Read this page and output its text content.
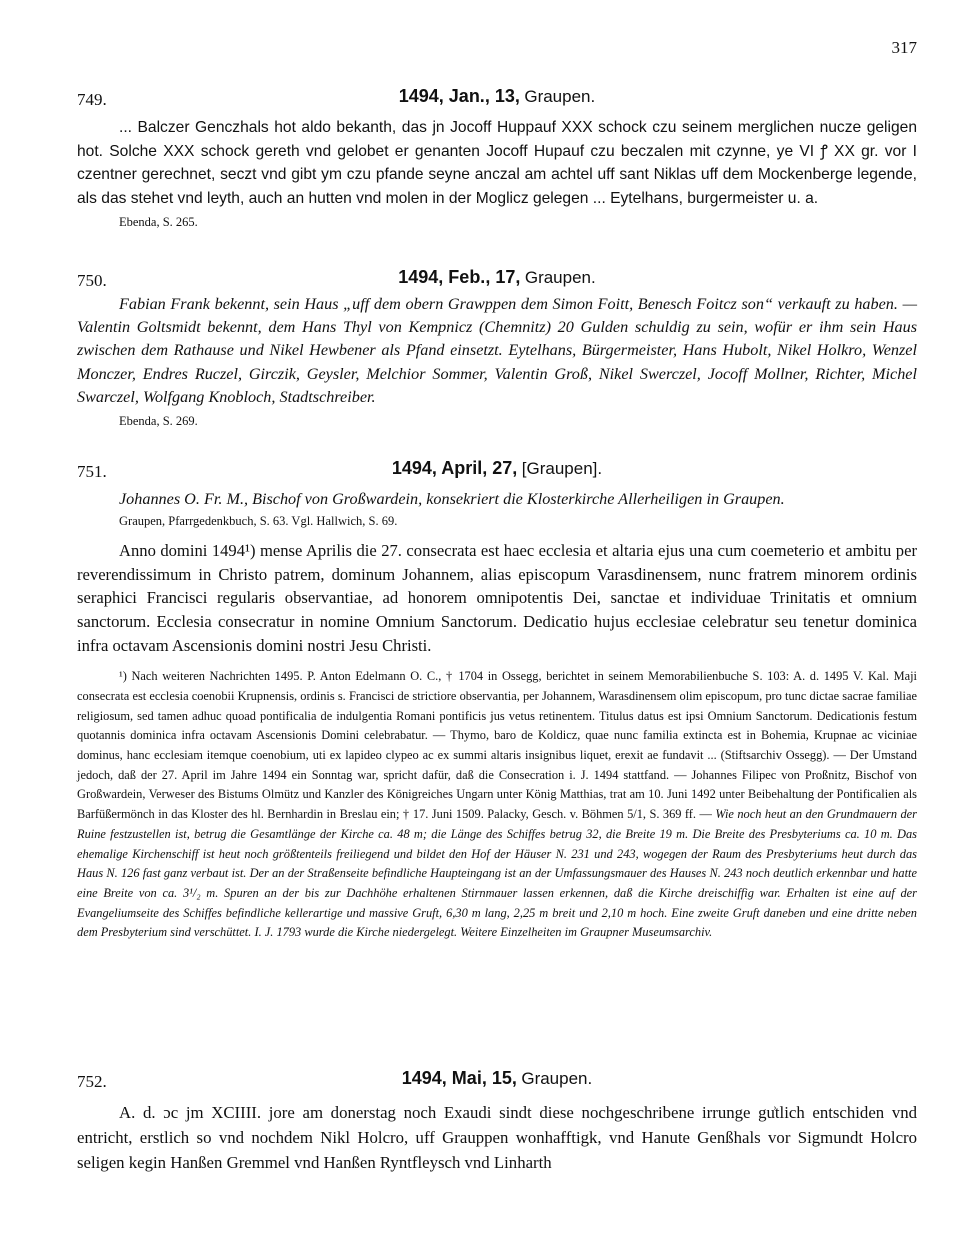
317
749.	1494, Jan., 13, Graupen.

... Balczer Genczhals hot aldo bekanth, das jn Jocoff Huppauf XXX schock czu seinem merglichen nucze geligen hot. Solche XXX schock gereth vnd gelobet er genanten Jocoff Hupauf czu beczalen mit czynne, ye VI ꝭ XX gr. vor I czentner gerechnet, seczt vnd gibt ym czu pfande seyne anczal am achtel uff sant Niklas uff dem Mockenberge legende, als das stehet vnd leyth, auch an hutten vnd molen in der Moglicz gelegen ... Eytelhans, burgermeister u. a.

Ebenda, S. 265.
750.	1494, Feb., 17, Graupen.

Fabian Frank bekennt, sein Haus „uff dem obern Grawppen dem Simon Foitt, Benesch Foitcz son“ verkauft zu haben. — Valentin Goltsmidt bekennt, dem Hans Thyl von Kempnicz (Chemnitz) 20 Gulden schuldig zu sein, wofür er ihm sein Haus zwischen dem Rathause und Nikel Hewbener als Pfand einsetzt. Eytelhans, Bürgermeister, Hans Hubolt, Nikel Holkro, Wenzel Monczer, Endres Ruczel, Girczik, Geysler, Melchior Sommer, Valentin Groß, Nikel Swerczel, Jocoff Mollner, Richter, Michel Swarczel, Wolfgang Knobloch, Stadtschreiber.

Ebenda, S. 269.
751.	1494, April, 27, [Graupen].

Johannes O. Fr. M., Bischof von Großwardein, konsekriert die Klosterkirche Allerheiligen in Graupen.

Graupen, Pfarrgedenkbuch, S. 63. Vgl. Hallwich, S. 69.

Anno domini 1494¹) mense Aprilis die 27. consecrata est haec ecclesia et altaria ejus una cum coemeterio et ambitu per reverendissimum in Christo patrem, dominum Johannem, alias episcopum Varasdinensem, nunc fratrem minorem ordinis seraphici Francisci regularis observantiae, ad honorem omnipotentis Dei, sanctae et individuae Trinitatis et omnium sanctorum. Ecclesia consecratur in nomine Omnium Sanctorum. Dedicatio hujus ecclesiae celebratur seu tenetur dominica infra octavam Ascensionis domini nostri Jesu Christi.

¹) Nach weiteren Nachrichten 1495. P. Anton Edelmann O. C., † 1704 in Ossegg, berichtet in seinem Memorabilienbuche S. 103: A. d. 1495 V. Kal. Maji consecrata est ecclesia coenobii Krupnensis, ordinis s. Francisci de strictiore observantia, per Johannem, Warasdinensem olim episcopum, pro tunc dictae sacrae familiae religiosum, sed tamen adhuc quoad pontificalia de indulgentia Romani pontificis jus vetus retinentem. Titulus datus est ipsi Omnium Sanctorum. Dedicationis festum quotannis dominica infra octavam Ascensionis Domini celebrabatur. — Thymo, baro de Koldicz, quae nunc familia extincta est in Bohemia, Krupnae ac viciniae dominus, hanc ecclesiam itemque coenobium, uti ex lapideo clypeo ac ex summi altaris insignibus liquet, erexit ae fundavit ... (Stiftsarchiv Ossegg). — Der Umstand jedoch, daß der 27. April im Jahre 1494 ein Sonntag war, spricht dafür, daß die Consecration i. J. 1494 stattfand. — Johannes Filipec von Proßnitz, Bischof von Großwardein, Verweser des Bistums Olmütz und Kanzler des Königreiches Ungarn unter König Matthias, trat am 10. Juni 1492 unter Beibehaltung der Pontificalien als Barfüßermönch in das Kloster des hl. Bernhardin in Breslau ein; † 17. Juni 1509. Palacky, Gesch. v. Böhmen 5/1, S. 369 ff. — Wie noch heut an den Grundmauern der Ruine festzustellen ist, betrug die Gesamtlänge der Kirche ca. 48 m; die Länge des Schiffes betrug 32, die Breite 19 m. Die Breite des Presbyteriums ca. 10 m. Das ehemalige Kirchenschiff ist heut noch größtenteils freiliegend und bildet den Hof der Häuser N. 231 und 243, wogegen der Raum des Presbyteriums heut durch das Haus N. 126 fast ganz verbaut ist. Der an der Straßenseite befindliche Haupteingang ist an der Umfassungsmauer des Hauses N. 243 noch deutlich erkennbar und hatte eine Breite von ca. 3¹/₂ m. Spuren an der bis zur Dachhöhe erhaltenen Stirnmauer lassen erkennen, daß die Kirche dreischiffig war. Erhalten ist eine auf der Evangeliumseite des Schiffes befindliche kellerartige und massive Gruft, 6,30 m lang, 2,25 m breit und 2,10 m hoch. Eine zweite Gruft daneben und eine dritte neben dem Presbyterium sind verschüttet. I. J. 1793 wurde die Kirche niedergelegt. Weitere Einzelheiten im Graupner Museumsarchiv.

752.	1494, Mai, 15, Graupen.

A. d. ɔc jm XCIIII. jore am donerstag noch Exaudi sindt diese nochgeschribene irrunge gu͗tlich entschiden vnd entricht, erstlich so vnd nochdem Nikl Holcro, uff Grauppen wonhafftigk, vnd Hanute Genßhals vor Sigmundt Holcro seligen kegin Hanßen Gremmel vnd Hanßen Ryntfleysch vnd Linharth
